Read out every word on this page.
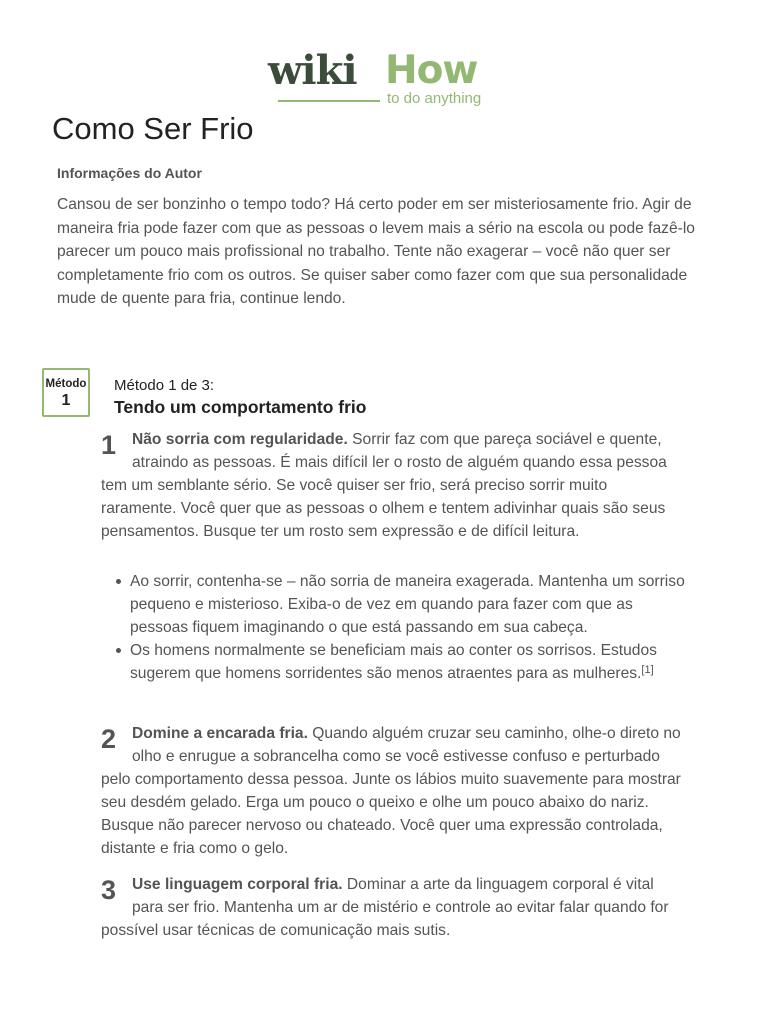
wiki How
to do anything
Como Ser Frio
Informações do Autor

Cansou de ser bonzinho o tempo todo? Há certo poder em ser misteriosamente frio. Agir de maneira fria pode fazer com que as pessoas o levem mais a sério na escola ou pode fazê-lo parecer um pouco mais profissional no trabalho. Tente não exagerar – você não quer ser completamente frio com os outros. Se quiser saber como fazer com que sua personalidade mude de quente para fria, continue lendo.

Método
1
Método 1 de 3:
Tendo um comportamento frio
1	Não sorria com regularidade. Sorrir faz com que pareça sociável e quente, atraindo as pessoas. É mais difícil ler o rosto de alguém quando essa pessoa tem um semblante sério. Se você quiser ser frio, será preciso sorrir muito raramente. Você quer que as pessoas o olhem e tentem adivinhar quais são seus pensamentos. Busque ter um rosto sem expressão e de difícil leitura.

Ao sorrir, contenha-se – não sorria de maneira exagerada. Mantenha um sorriso pequeno e misterioso. Exiba-o de vez em quando para fazer com que as pessoas fiquem imaginando o que está passando em sua cabeça.
Os homens normalmente se beneficiam mais ao conter os sorrisos. Estudos sugerem que homens sorridentes são menos atraentes para as mulheres.[1]
2	Domine a encarada fria. Quando alguém cruzar seu caminho, olhe-o direto no olho e enrugue a sobrancelha como se você estivesse confuso e perturbado pelo comportamento dessa pessoa. Junte os lábios muito suavemente para mostrar seu desdém gelado. Erga um pouco o queixo e olhe um pouco abaixo do nariz. Busque não parecer nervoso ou chateado. Você quer uma expressão controlada, distante e fria como o gelo.

3	Use linguagem corporal fria. Dominar a arte da linguagem corporal é vital para ser frio. Mantenha um ar de mistério e controle ao evitar falar quando for possível usar técnicas de comunicação mais sutis.
